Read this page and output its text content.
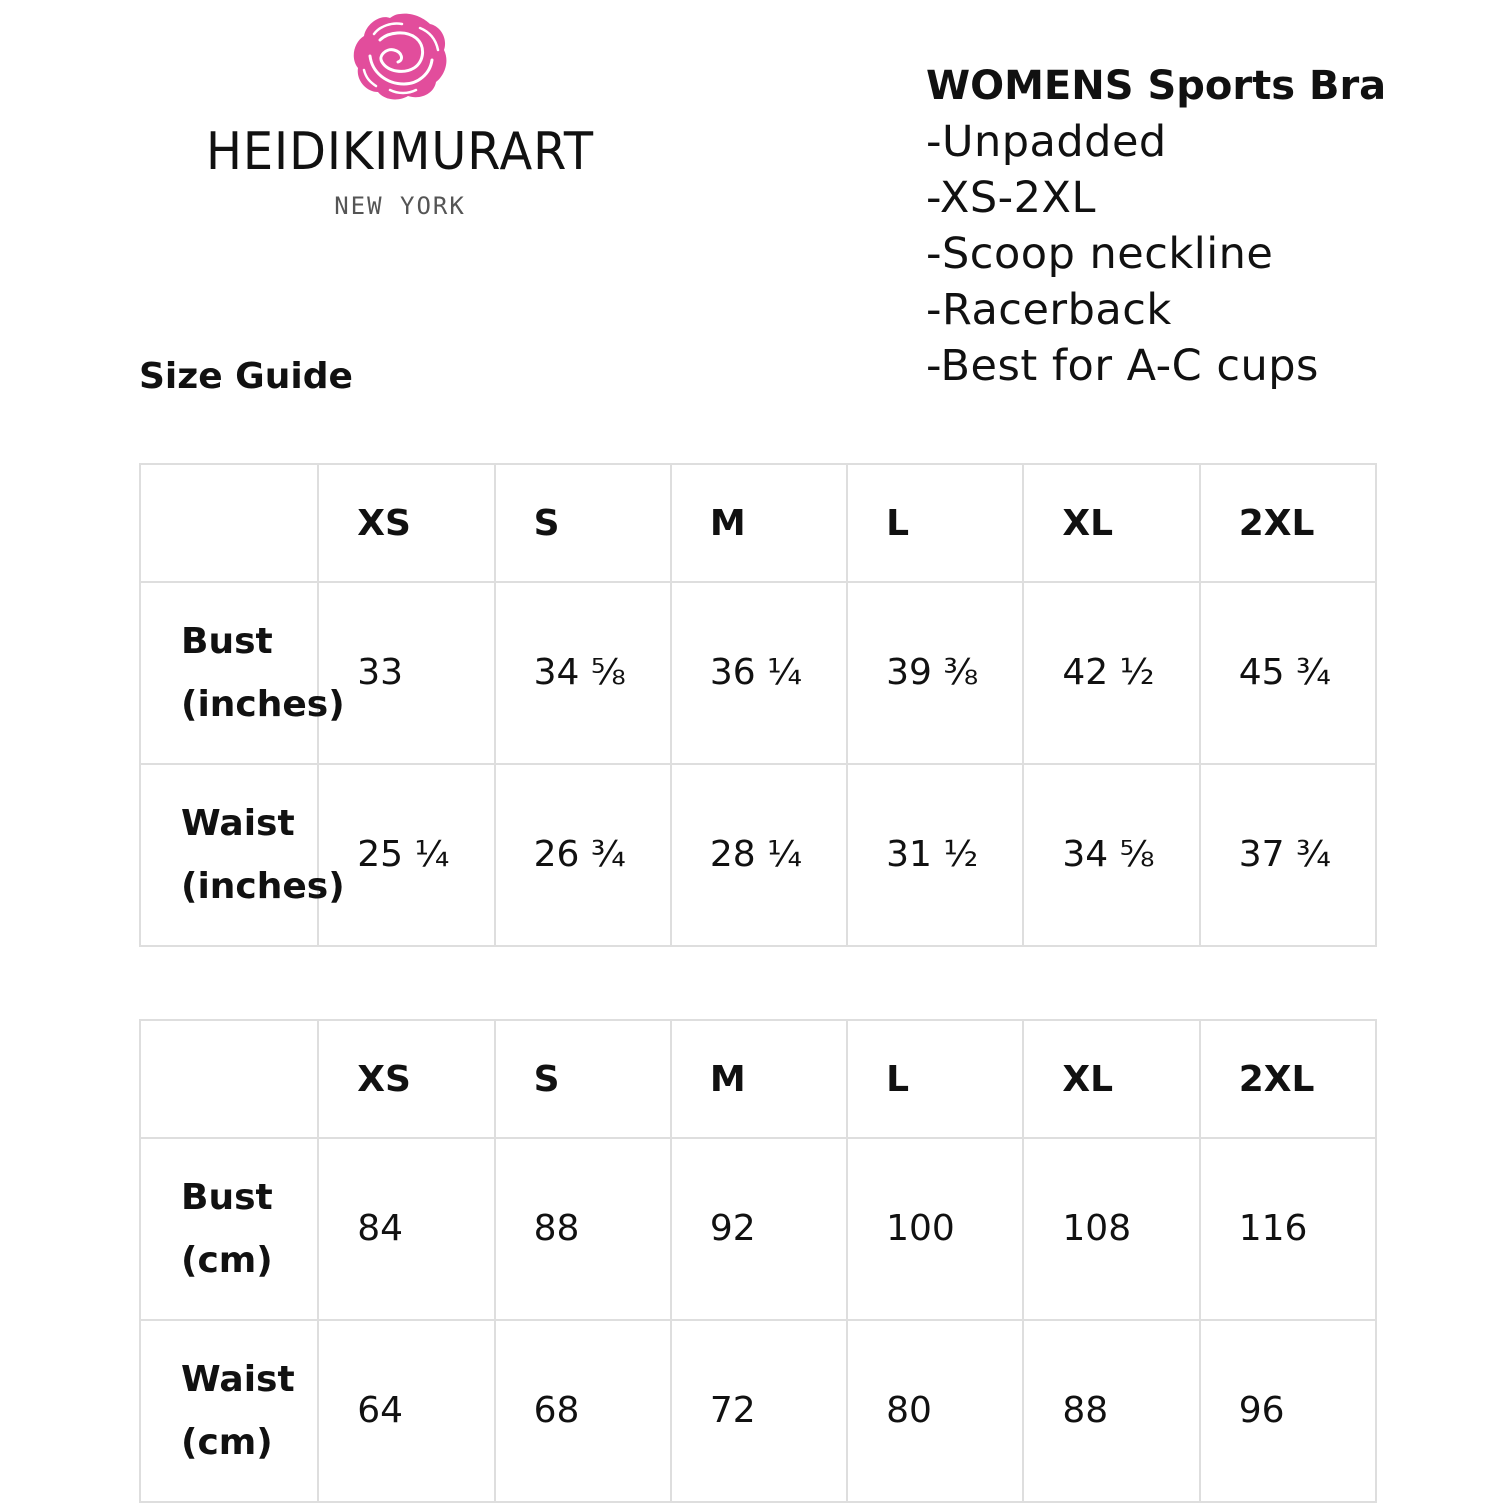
HEIDIKIMURART
NEW YORK
WOMENS Sports Bra
-Unpadded
-XS-2XL
-Scoop neckline
-Racerback
-Best for A-C cups
Size Guide
	XS	S	M	L	XL	2XL
Bust (inches)	33	34 ⅝	36 ¼	39 ⅜	42 ½	45 ¾
Waist (inches)	25 ¼	26 ¾	28 ¼	31 ½	34 ⅝	37 ¾
	XS	S	M	L	XL	2XL
Bust (cm)	84	88	92	100	108	116
Waist (cm)	64	68	72	80	88	96
